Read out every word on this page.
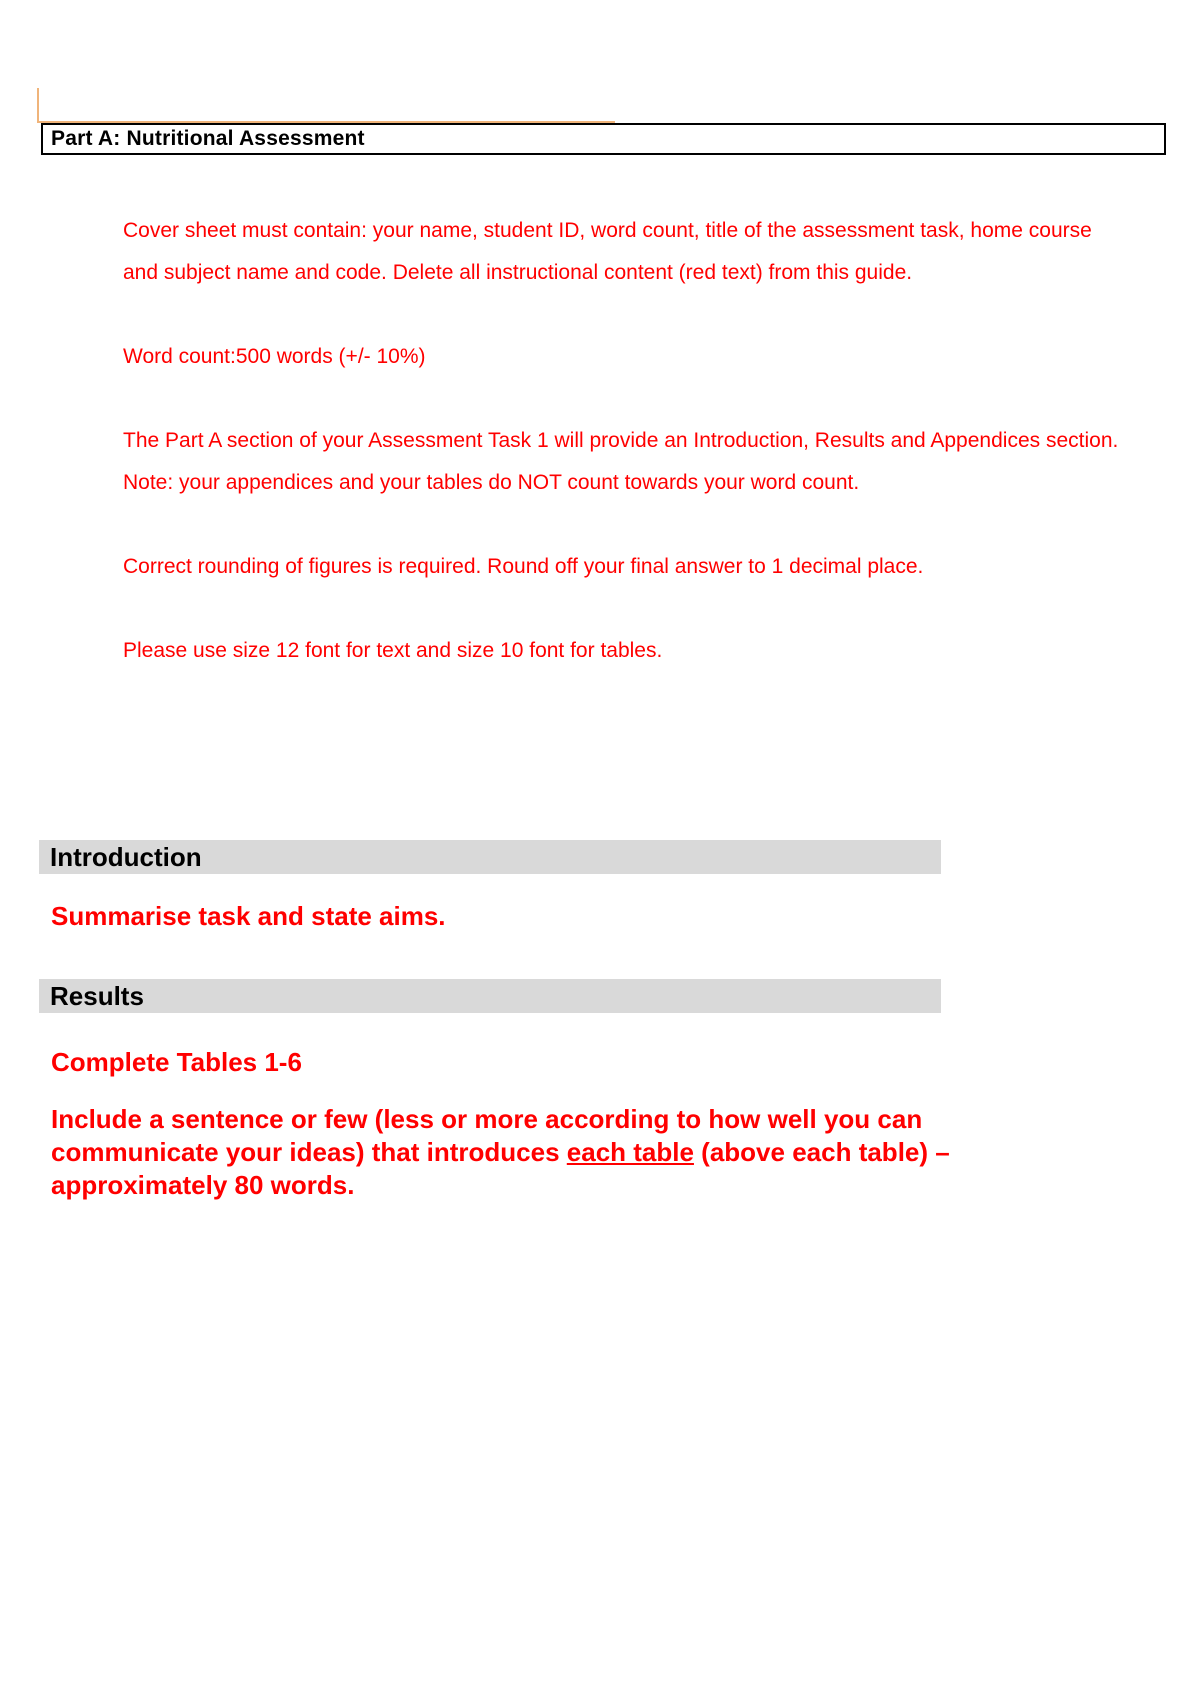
Part A: Nutritional Assessment

Cover sheet must contain: your name, student ID, word count, title of the assessment task, home course and subject name and code. Delete all instructional content (red text) from this guide.

Word count:500 words (+/- 10%)

The Part A section of your Assessment Task 1 will provide an Introduction, Results and Appendices section. Note: your appendices and your tables do NOT count towards your word count.

Correct rounding of figures is required. Round off your final answer to 1 decimal place.

Please use size 12 font for text and size 10 font for tables.

Introduction
Summarise task and state aims.
Results
Complete Tables 1-6
Include a sentence or few (less or more according to how well you can communicate your ideas) that introduces each table (above each table) – approximately 80 words.
